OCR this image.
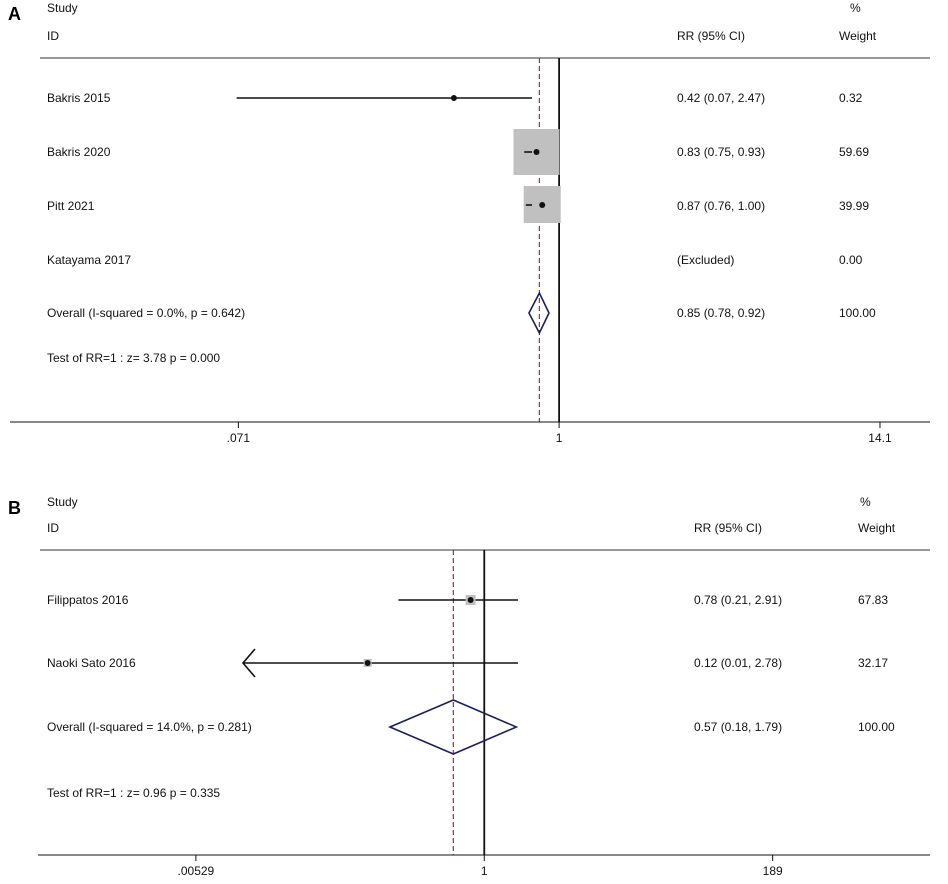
A Study
ID	RR (95% CI)
%
Weight
Bakris 2015	0.42 (0.07, 2.47)	0.32
Bakris 2020	0.83 (0.75, 0.93)	59.69
Pitt 2021	0.87 (0.76, 1.00)	39.99
Katayama 2017	(Excluded)	0.00
Overall (I-squared = 0.0%, p = 0.642)	0.85 (0.78, 0.92)	100.00
Test of RR=1 : z= 3.78 p = 0.000
.071	1	14.1
B Study
ID	RR (95% CI)
%
Weight
Filippatos 2016	0.78 (0.21, 2.91)	67.83
Naoki Sato 2016	0.12 (0.01, 2.78)	32.17
Overall (I-squared = 14.0%, p = 0.281)	0.57 (0.18, 1.79)	100.00
Test of RR=1 : z= 0.96 p = 0.335
.00529	1	189
